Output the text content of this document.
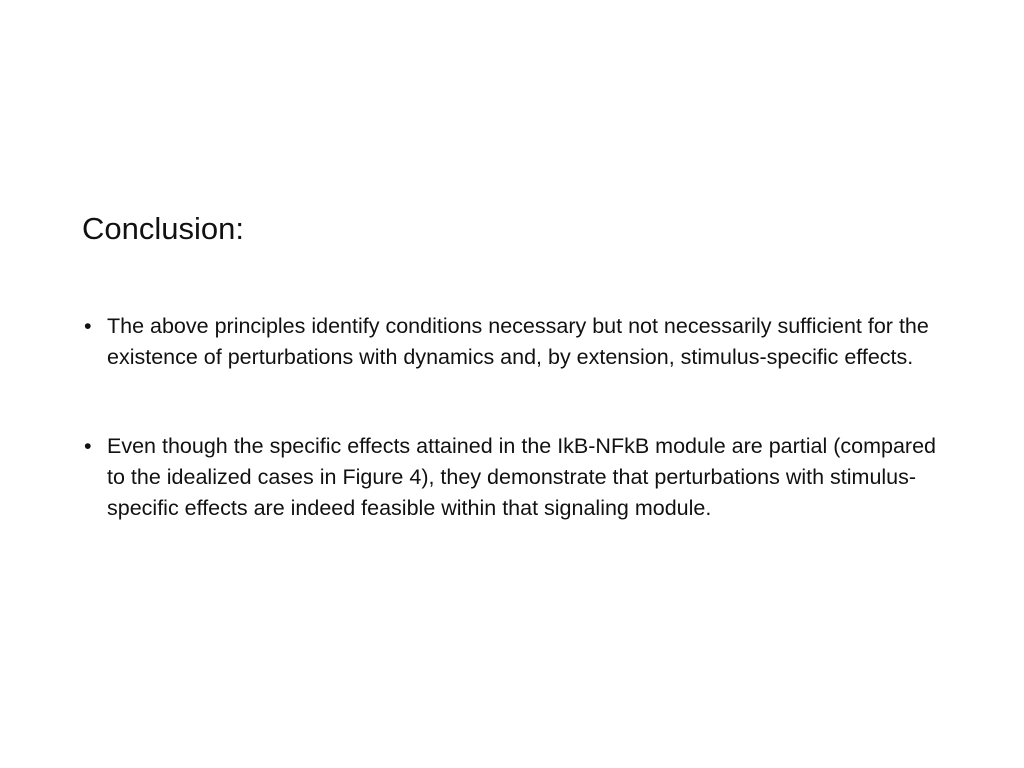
Conclusion:
• The above principles identify conditions necessary but not necessarily sufficient for the existence of perturbations with dynamics and, by extension, stimulus-specific effects.
• Even though the specific effects attained in the IkB-NFkB module are partial (compared to the idealized cases in Figure 4), they demonstrate that perturbations with stimulus-specific effects are indeed feasible within that signaling module.
